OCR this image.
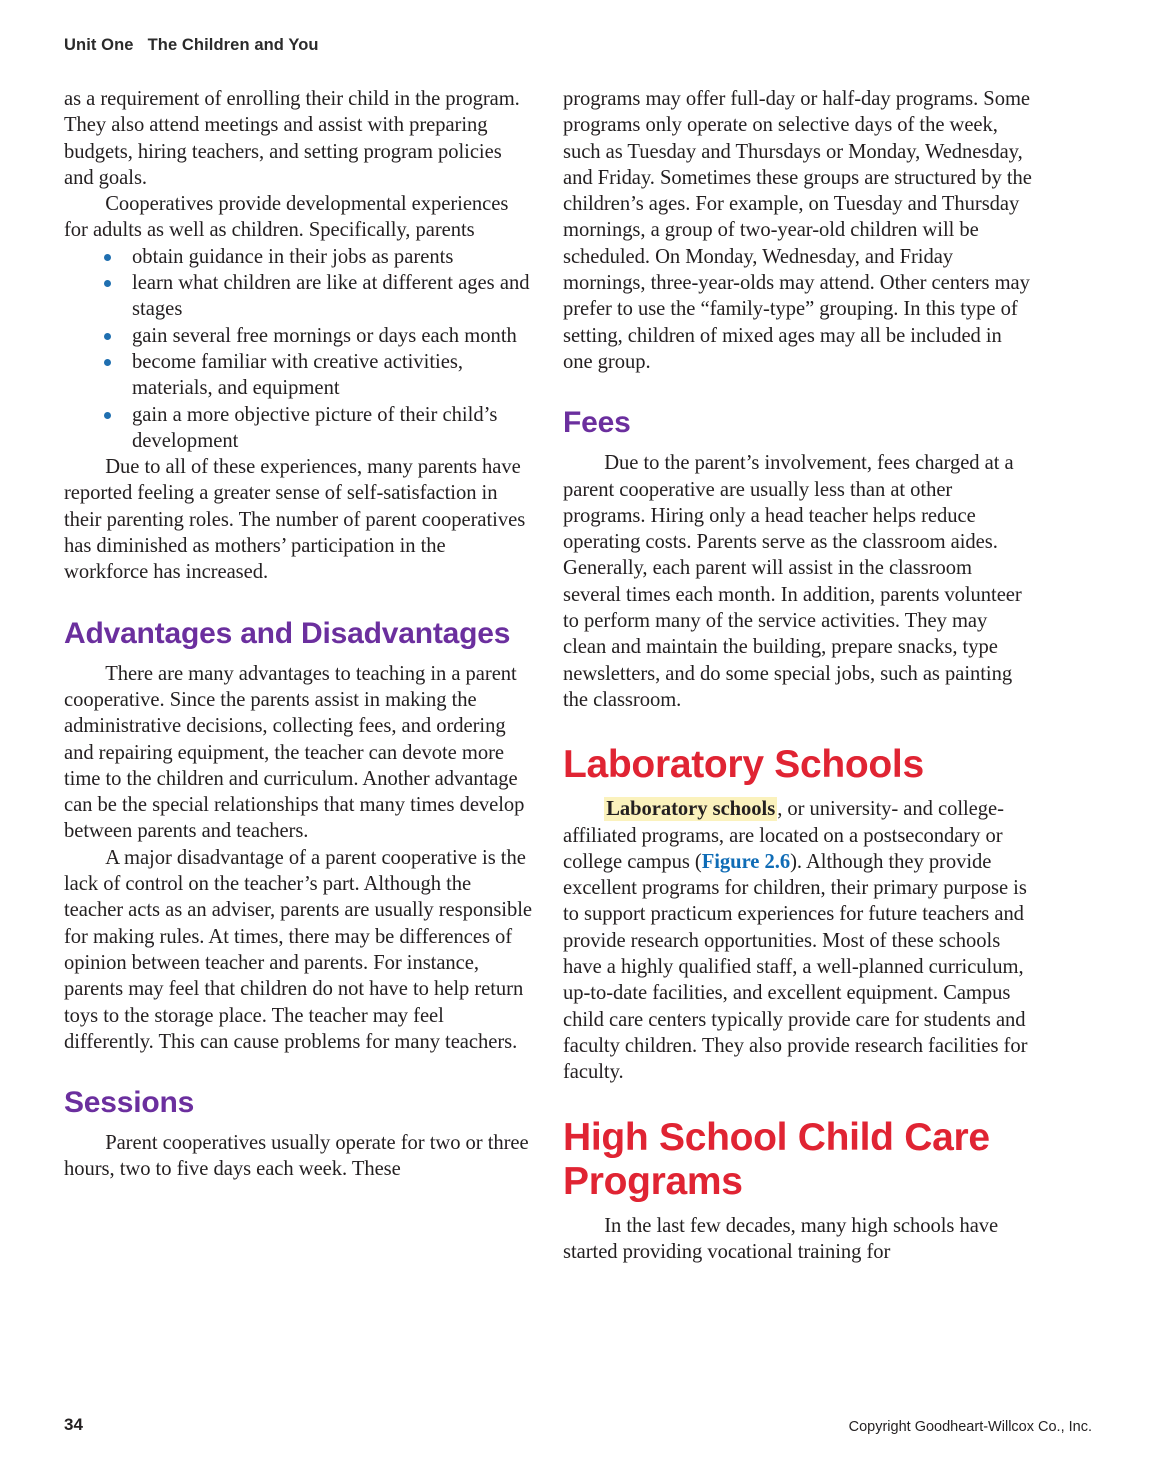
Unit One   The Children and You

as a requirement of enrolling their child in the program. They also attend meetings and assist with preparing budgets, hiring teachers, and setting program policies and goals.

Cooperatives provide developmental experiences for adults as well as children. Specifically, parents

obtain guidance in their jobs as parents
learn what children are like at different ages and stages
gain several free mornings or days each month
become familiar with creative activities, materials, and equipment
gain a more objective picture of their child’s development

Due to all of these experiences, many parents have reported feeling a greater sense of self-satisfaction in their parenting roles. The number of parent cooperatives has diminished as mothers’ participation in the workforce has increased.

Advantages and Disadvantages

There are many advantages to teaching in a parent cooperative. Since the parents assist in making the administrative decisions, collecting fees, and ordering and repairing equipment, the teacher can devote more time to the children and curriculum. Another advantage can be the special relationships that many times develop between parents and teachers.

A major disadvantage of a parent cooperative is the lack of control on the teacher’s part. Although the teacher acts as an adviser, parents are usually responsible for making rules. At times, there may be differences of opinion between teacher and parents. For instance, parents may feel that children do not have to help return toys to the storage place. The teacher may feel differently. This can cause problems for many teachers.

Sessions

Parent cooperatives usually operate for two or three hours, two to five days each week. These

programs may offer full-day or half-day programs. Some programs only operate on selective days of the week, such as Tuesday and Thursdays or Monday, Wednesday, and Friday. Sometimes these groups are structured by the children’s ages. For example, on Tuesday and Thursday mornings, a group of two-year-old children will be scheduled. On Monday, Wednesday, and Friday mornings, three-year-olds may attend. Other centers may prefer to use the “family-type” grouping. In this type of setting, children of mixed ages may all be included in one group.

Fees

Due to the parent’s involvement, fees charged at a parent cooperative are usually less than at other programs. Hiring only a head teacher helps reduce operating costs. Parents serve as the classroom aides. Generally, each parent will assist in the classroom several times each month. In addition, parents volunteer to perform many of the service activities. They may clean and maintain the building, prepare snacks, type newsletters, and do some special jobs, such as painting the classroom.

Laboratory Schools

Laboratory schools, or university- and college-affiliated programs, are located on a postsecondary or college campus (Figure 2.6). Although they provide excellent programs for children, their primary purpose is to support practicum experiences for future teachers and provide research opportunities. Most of these schools have a highly qualified staff, a well-planned curriculum, up-to-date facilities, and excellent equipment. Campus child care centers typically provide care for students and faculty children. They also provide research facilities for faculty.

High School Child Care Programs

In the last few decades, many high schools have started providing vocational training for

34	Copyright Goodheart-Willcox Co., Inc.
